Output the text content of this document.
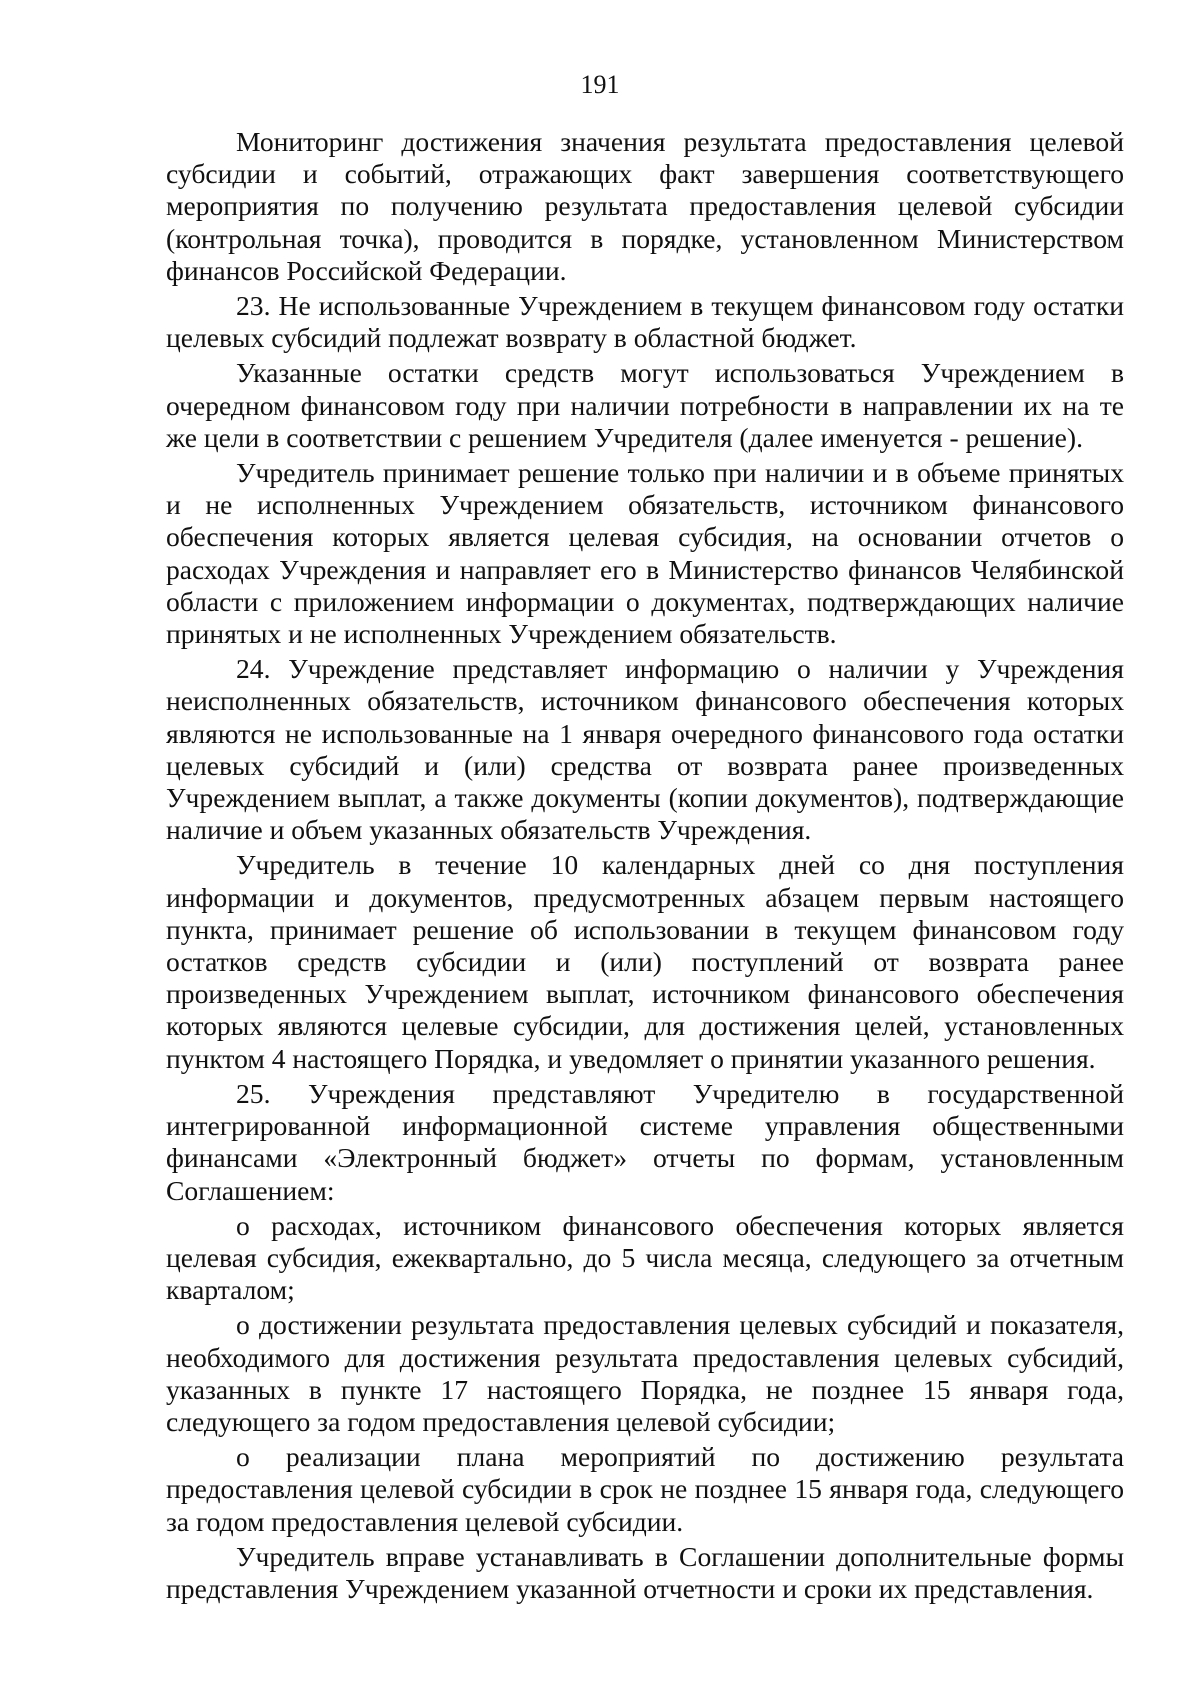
191

Мониторинг достижения значения результата предоставления целевой субсидии и событий, отражающих факт завершения соответствующего мероприятия по получению результата предоставления целевой субсидии (контрольная точка), проводится в порядке, установленном Министерством финансов Российской Федерации.

23. Не использованные Учреждением в текущем финансовом году остатки целевых субсидий подлежат возврату в областной бюджет.

Указанные остатки средств могут использоваться Учреждением в очередном финансовом году при наличии потребности в направлении их на те же цели в соответствии с решением Учредителя (далее именуется - решение).

Учредитель принимает решение только при наличии и в объеме принятых и не исполненных Учреждением обязательств, источником финансового обеспечения которых является целевая субсидия, на основании отчетов о расходах Учреждения и направляет его в Министерство финансов Челябинской области с приложением информации о документах, подтверждающих наличие принятых и не исполненных Учреждением обязательств.

24. Учреждение представляет информацию о наличии у Учреждения неисполненных обязательств, источником финансового обеспечения которых являются не использованные на 1 января очередного финансового года остатки целевых субсидий и (или) средства от возврата ранее произведенных Учреждением выплат, а также документы (копии документов), подтверждающие наличие и объем указанных обязательств Учреждения.

Учредитель в течение 10 календарных дней со дня поступления информации и документов, предусмотренных абзацем первым настоящего пункта, принимает решение об использовании в текущем финансовом году остатков средств субсидии и (или) поступлений от возврата ранее произведенных Учреждением выплат, источником финансового обеспечения которых являются целевые субсидии, для достижения целей, установленных пунктом 4 настоящего Порядка, и уведомляет о принятии указанного решения.

25. Учреждения представляют Учредителю в государственной интегрированной информационной системе управления общественными финансами «Электронный бюджет» отчеты по формам, установленным Соглашением:

о расходах, источником финансового обеспечения которых является целевая субсидия, ежеквартально, до 5 числа месяца, следующего за отчетным кварталом;

о достижении результата предоставления целевых субсидий и показателя, необходимого для достижения результата предоставления целевых субсидий, указанных в пункте 17 настоящего Порядка, не позднее 15 января года, следующего за годом предоставления целевой субсидии;

о реализации плана мероприятий по достижению результата предоставления целевой субсидии в срок не позднее 15 января года, следующего за годом предоставления целевой субсидии.

Учредитель вправе устанавливать в Соглашении дополнительные формы представления Учреждением указанной отчетности и сроки их представления.
